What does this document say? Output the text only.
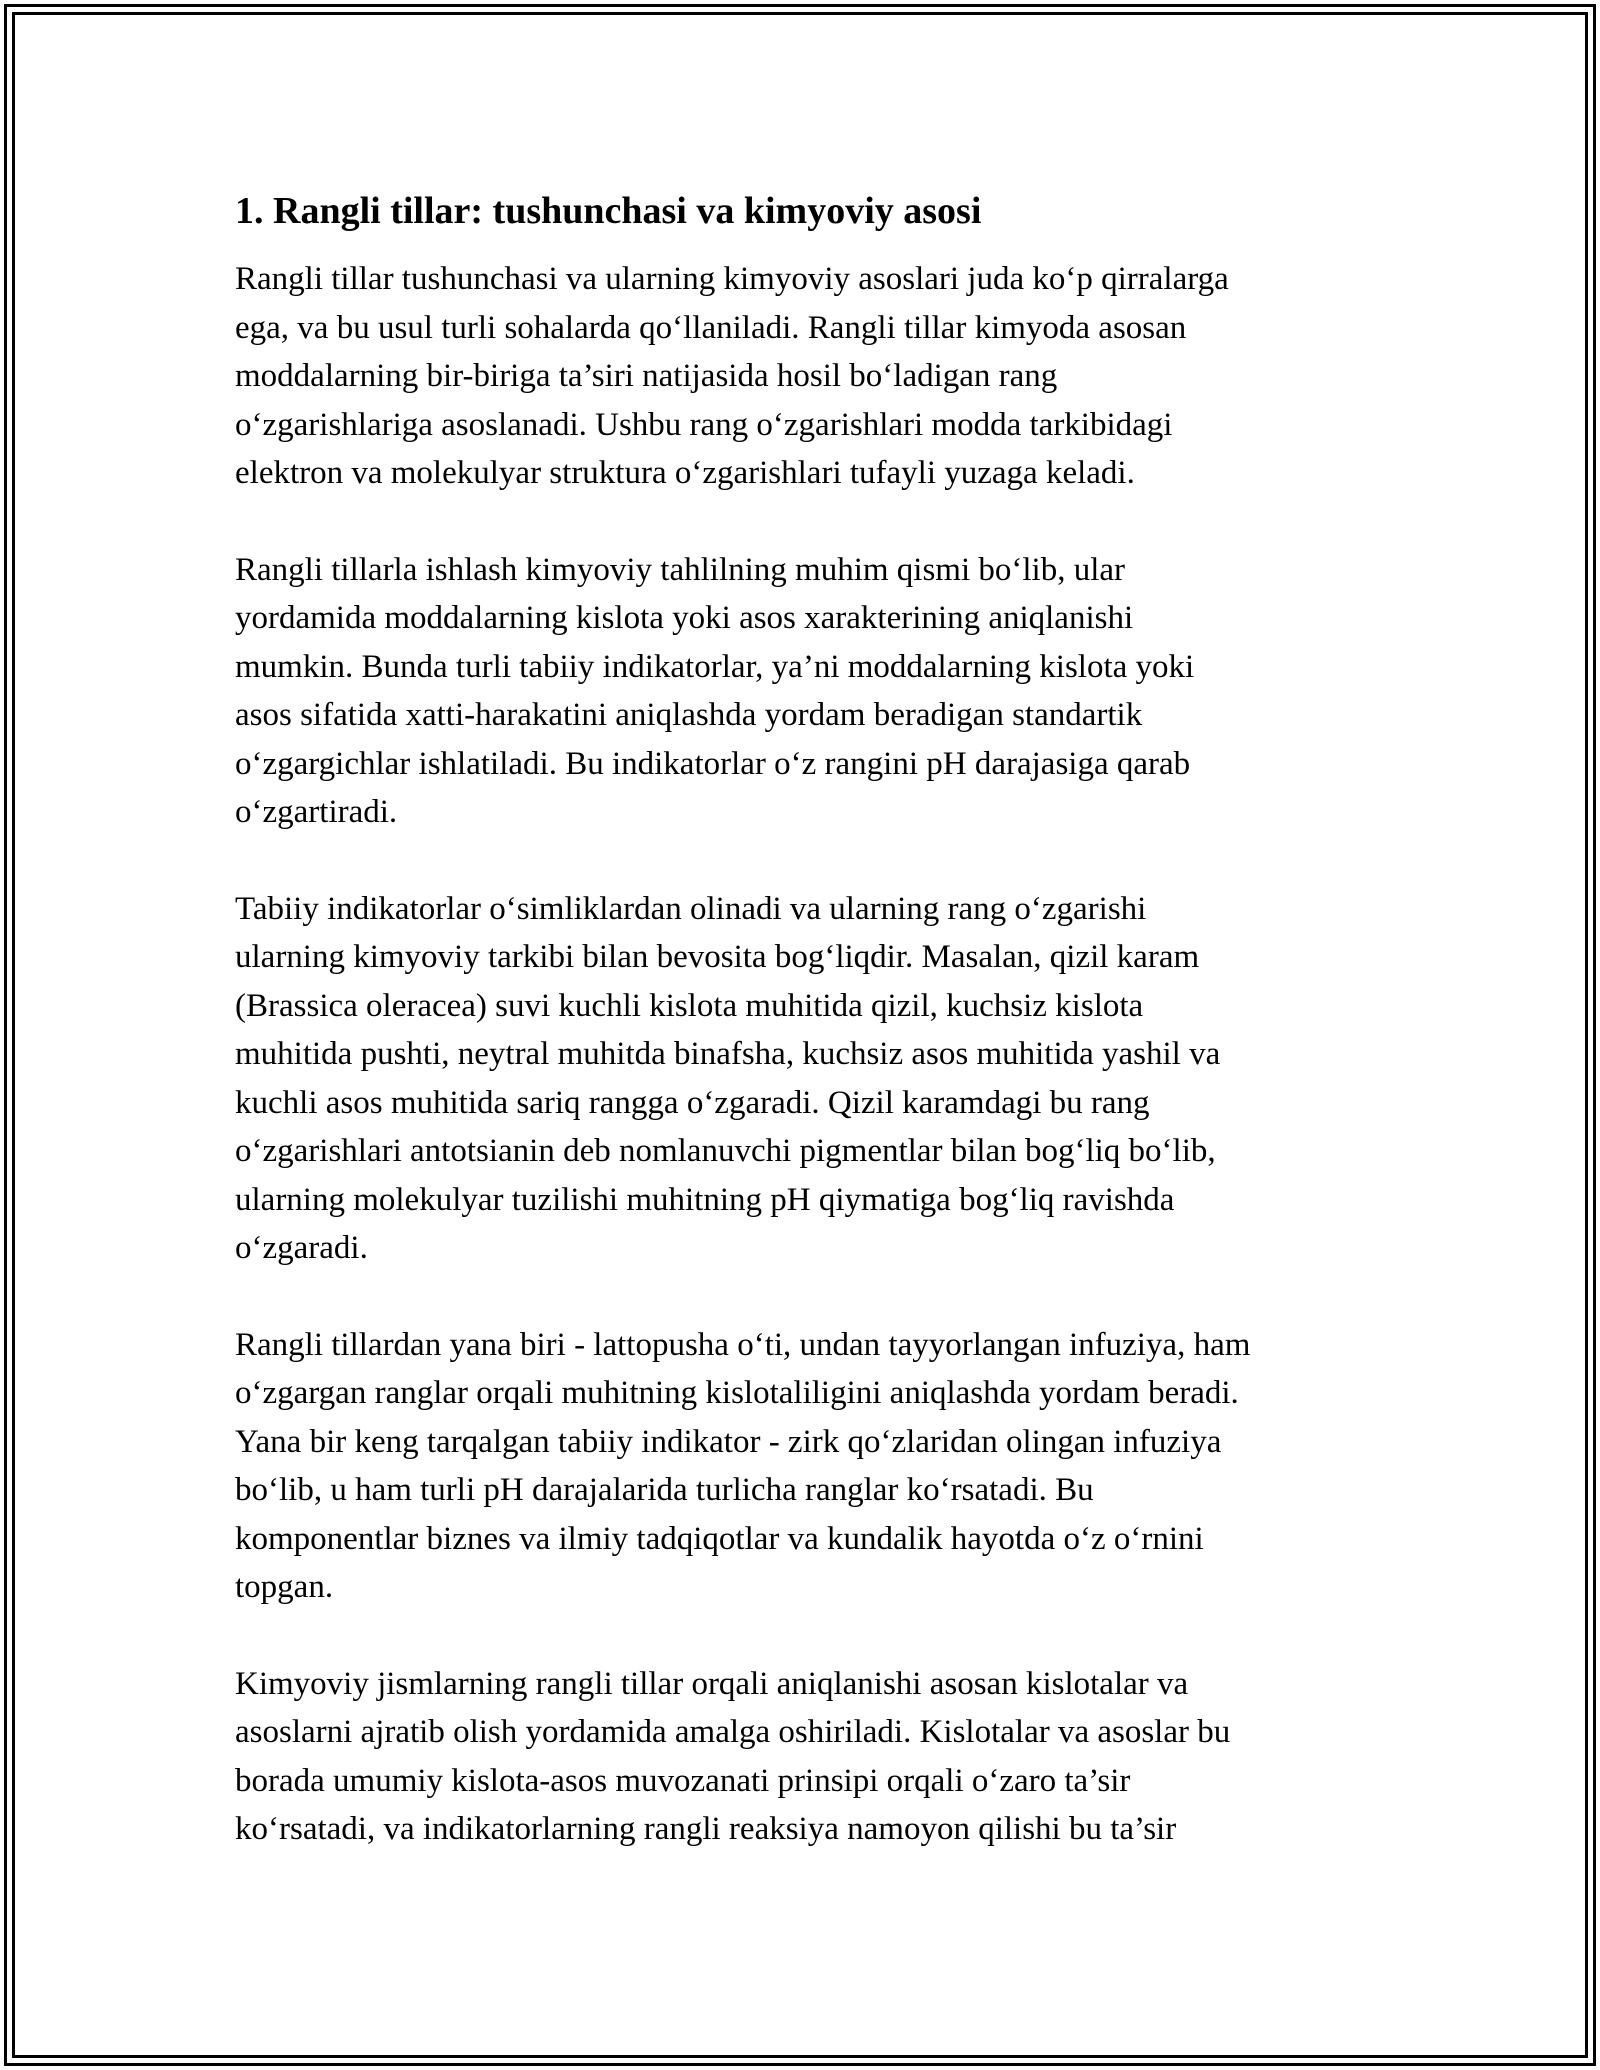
1. Rangli tillar: tushunchasi va kimyoviy asosi

Rangli tillar tushunchasi va ularning kimyoviy asoslari juda ko‘p qirralarga
ega, va bu usul turli sohalarda qo‘llaniladi. Rangli tillar kimyoda asosan
moddalarning bir-biriga ta’siri natijasida hosil bo‘ladigan rang
o‘zgarishlariga asoslanadi. Ushbu rang o‘zgarishlari modda tarkibidagi
elektron va molekulyar struktura o‘zgarishlari tufayli yuzaga keladi.

Rangli tillarla ishlash kimyoviy tahlilning muhim qismi bo‘lib, ular
yordamida moddalarning kislota yoki asos xarakterining aniqlanishi
mumkin. Bunda turli tabiiy indikatorlar, ya’ni moddalarning kislota yoki
asos sifatida xatti-harakatini aniqlashda yordam beradigan standartik
o‘zgargichlar ishlatiladi. Bu indikatorlar o‘z rangini pH darajasiga qarab
o‘zgartiradi.

Tabiiy indikatorlar o‘simliklardan olinadi va ularning rang o‘zgarishi
ularning kimyoviy tarkibi bilan bevosita bog‘liqdir. Masalan, qizil karam
(Brassica oleracea) suvi kuchli kislota muhitida qizil, kuchsiz kislota
muhitida pushti, neytral muhitda binafsha, kuchsiz asos muhitida yashil va
kuchli asos muhitida sariq rangga o‘zgaradi. Qizil karamdagi bu rang
o‘zgarishlari antotsianin deb nomlanuvchi pigmentlar bilan bog‘liq bo‘lib,
ularning molekulyar tuzilishi muhitning pH qiymatiga bog‘liq ravishda
o‘zgaradi.

Rangli tillardan yana biri - lattopusha o‘ti, undan tayyorlangan infuziya, ham
o‘zgargan ranglar orqali muhitning kislotaliligini aniqlashda yordam beradi.
Yana bir keng tarqalgan tabiiy indikator - zirk qo‘zlaridan olingan infuziya
bo‘lib, u ham turli pH darajalarida turlicha ranglar ko‘rsatadi. Bu
komponentlar biznes va ilmiy tadqiqotlar va kundalik hayotda o‘z o‘rnini
topgan.

Kimyoviy jismlarning rangli tillar orqali aniqlanishi asosan kislotalar va
asoslarni ajratib olish yordamida amalga oshiriladi. Kislotalar va asoslar bu
borada umumiy kislota-asos muvozanati prinsipi orqali o‘zaro ta’sir
ko‘rsatadi, va indikatorlarning rangli reaksiya namoyon qilishi bu ta’sir
